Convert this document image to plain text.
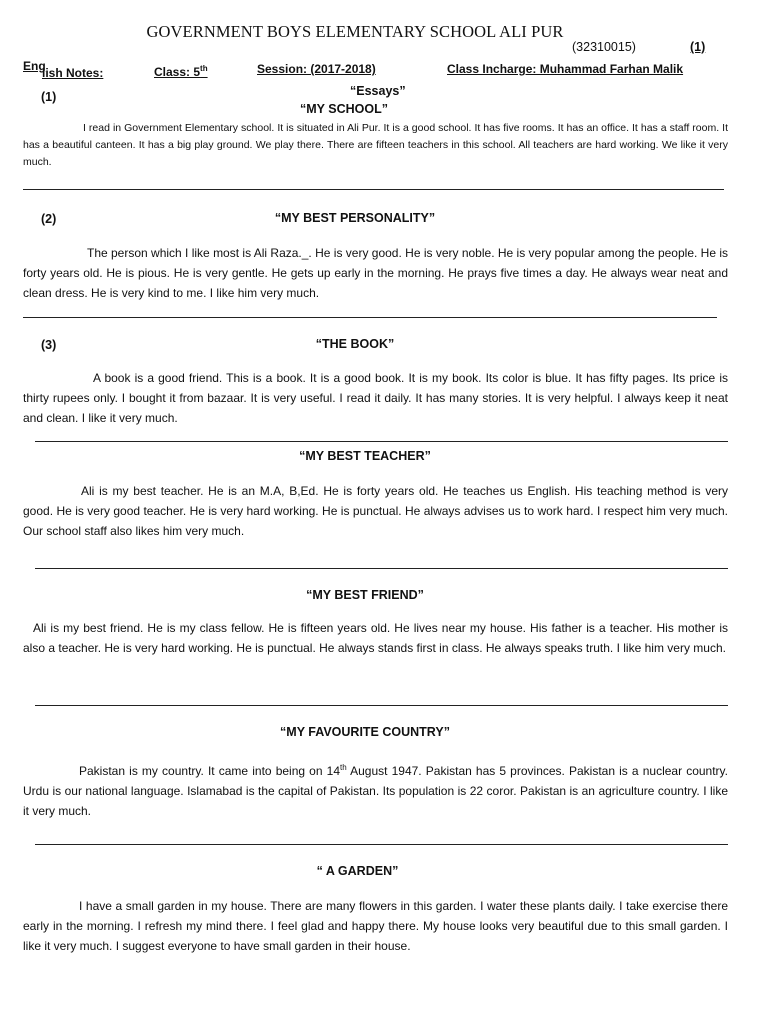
GOVERNMENT BOYS ELEMENTARY SCHOOL ALI PUR
(32310015)	(1)
Eng
lish Notes:	Class: 5th	Session: (2017-2018)	Class Incharge: Muhammad Farhan Malik
(1)	“Essays”
“MY SCHOOL”
I read in Government Elementary school. It is situated in Ali Pur. It is a good school. It has five rooms. It has an office. It has a staff room. It has a beautiful canteen. It has a big play ground. We play there. There are fifteen teachers in this school. All teachers are hard working. We like it very much.
(2)	“MY BEST PERSONALITY”
The person which I like most is Ali Raza._. He is very good. He is very noble. He is very popular among the people. He is forty years old. He is pious. He is very gentle. He gets up early in the morning. He prays five times a day. He always wear neat and clean dress. He is very kind to me. I like him very much.
(3)	“THE BOOK”
A book is a good friend. This is a book. It is a good book. It is my book. Its color is blue. It has fifty pages. Its price is thirty rupees only. I bought it from bazaar. It is very useful. I read it daily. It has many stories. It is very helpful. I always keep it neat and clean. I like it very much.
“MY BEST TEACHER”
Ali is my best teacher. He is an M.A, B,Ed. He is forty years old. He teaches us English. His teaching method is very good. He is very good teacher. He is very hard working. He is punctual. He always advises us to work hard. I respect him very much. Our school staff also likes him very much.
“MY BEST FRIEND”
Ali is my best friend. He is my class fellow. He is fifteen years old. He lives near my house. His father is a teacher. His mother is also a teacher. He is very hard working. He is punctual. He always stands first in class. He always speaks truth. I like him very much.
“MY FAVOURITE COUNTRY”
Pakistan is my country. It came into being on 14th August 1947. Pakistan has 5 provinces. Pakistan is a nuclear country. Urdu is our national language. Islamabad is the capital of Pakistan. Its population is 22 coror. Pakistan is an agriculture country. I like it very much.
“ A GARDEN”
I have a small garden in my house. There are many flowers in this garden. I water these plants daily. I take exercise there early in the morning. I refresh my mind there. I feel glad and happy there. My house looks very beautiful due to this small garden. I like it very much. I suggest everyone to have small garden in their house.
